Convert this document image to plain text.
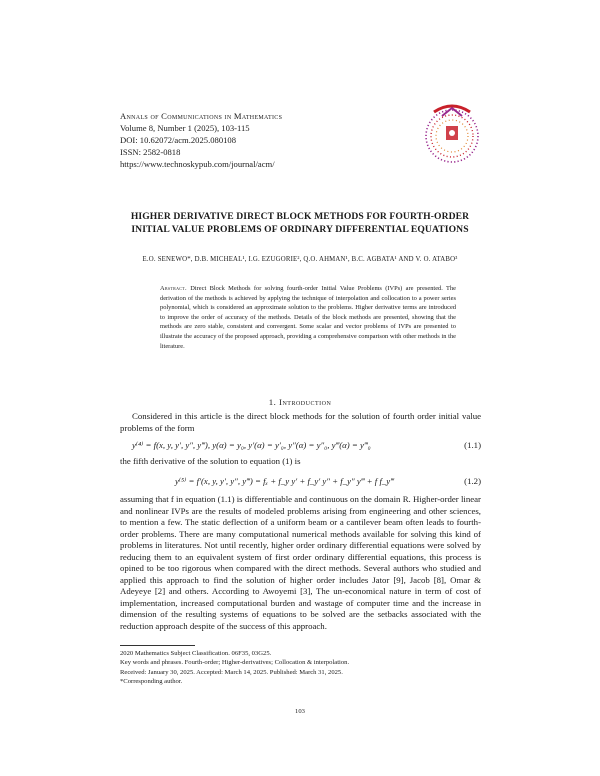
Annals of Communications in Mathematics
Volume 8, Number 1 (2025), 103-115
DOI: 10.62072/acm.2025.080108
ISSN: 2582-0818
https://www.technoskypub.com/journal/acm/
HIGHER DERIVATIVE DIRECT BLOCK METHODS FOR FOURTH-ORDER
INITIAL VALUE PROBLEMS OF ORDINARY DIFFERENTIAL EQUATIONS
E.O. SENEWO*, D.B. MICHEAL¹, I.G. EZUGORIE², Q.O. AHMAN¹, B.C. AGBATA¹ AND V. O. ATABO³
Abstract. Direct Block Methods for solving fourth-order Initial Value Problems (IVPs) are presented. The derivation of the methods is achieved by applying the technique of interpolation and collocation to a power series polynomial, which is considered an approximate solution to the problems. Higher derivative terms are introduced to improve the order of accuracy of the methods. Details of the block methods are presented, showing that the methods are zero stable, consistent and convergent. Some scalar and vector problems of IVPs are presented to illustrate the accuracy of the proposed approach, providing a comprehensive comparison with other methods in the literature.
1. Introduction
Considered in this article is the direct block methods for the solution of fourth order initial value problems of the form
y⁽⁴⁾ = f(x, y, y′, y″, y‴), y(α) = y₀, y′(α) = y′₀, y″(α) = y″₀, y‴(α) = y‴₀	(1.1)
the fifth derivative of the solution to equation (1) is
y⁽⁵⁾ = f′(x, y, y′, y″, y‴) = fₓ + f_y y′ + f_y′ y″ + f_y″ y‴ + f f_y‴	(1.2)
assuming that f in equation (1.1) is differentiable and continuous on the domain R. Higher-order linear and nonlinear IVPs are the results of modeled problems arising from engineering and other sciences, to mention a few. The static deflection of a uniform beam or a cantilever beam often leads to fourth-order problems. There are many computational numerical methods available for solving this kind of problems in literatures. Not until recently, higher order ordinary differential equations were solved by reducing them to an equivalent system of first order ordinary differential equations, this process is opined to be too rigorous when compared with the direct methods. Several authors who studied and applied this approach to find the solution of higher order includes Jator [9], Jacob [8], Omar & Adeyeye [2] and others. According to Awoyemi [3], The un-economical nature in term of cost of implementation, increased computational burden and wastage of computer time and the increase in dimension of the resulting systems of equations to be solved are the setbacks associated with the reduction approach despite of the success of this approach.
2020 Mathematics Subject Classification. 06F35, 03G25.
Key words and phrases. Fourth-order; Higher-derivatives; Collocation & interpolation.
Received: January 30, 2025. Accepted: March 14, 2025. Published: March 31, 2025.
*Corresponding author.
103
